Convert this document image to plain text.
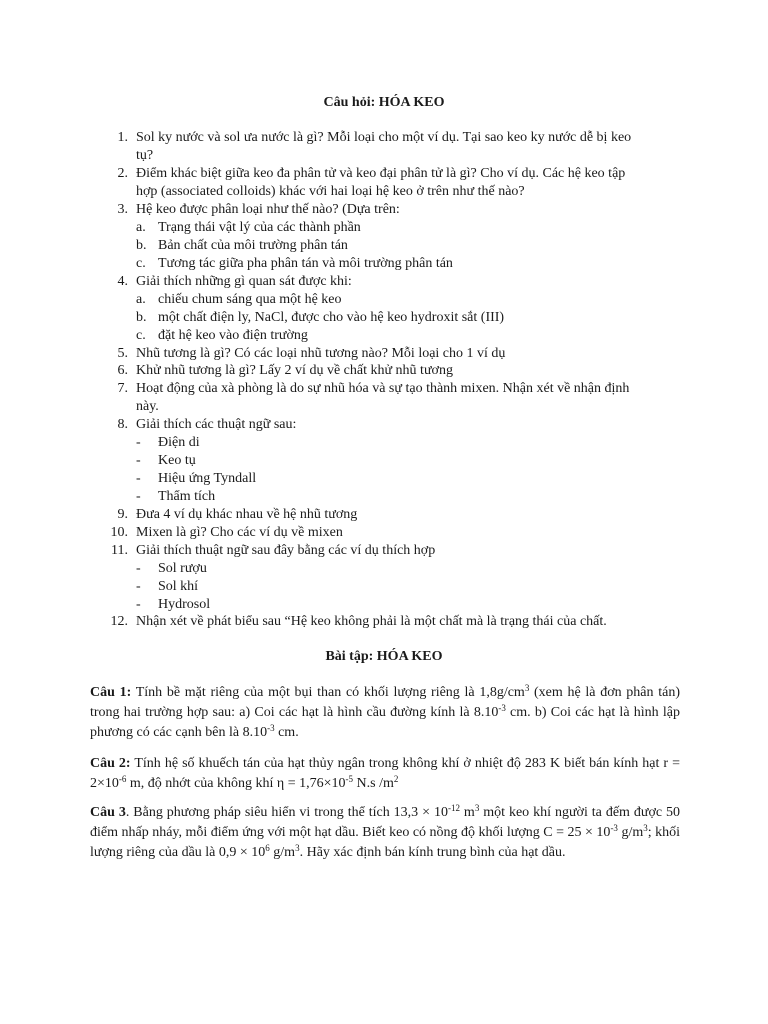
Câu hỏi: HÓA KEO
1. Sol ky nước và sol ưa nước là gì? Mỗi loại cho một ví dụ. Tại sao keo ky nước dễ bị keo
tụ?
2. Điểm khác biệt giữa keo đa phân tử và keo đại phân tử là gì? Cho ví dụ. Các hệ keo tập
hợp (associated colloids) khác với hai loại hệ keo ở trên như thế nào?
3. Hệ keo được phân loại như thế nào? (Dựa trên:
a. Trạng thái vật lý của các thành phần
b. Bản chất của môi trường phân tán
c. Tương tác giữa pha phân tán và môi trường phân tán
4. Giải thích những gì quan sát được khi:
a. chiếu chum sáng qua một hệ keo
b. một chất điện ly, NaCl, được cho vào hệ keo hydroxit sắt (III)
c. đặt hệ keo vào điện trường
5. Nhũ tương là gì? Có các loại nhũ tương nào? Mỗi loại cho 1 ví dụ
6. Khử nhũ tương là gì? Lấy 2 ví dụ về chất khử nhũ tương
7. Hoạt động của xà phòng là do sự nhũ hóa và sự tạo thành mixen. Nhận xét về nhận định
này.
8. Giải thích các thuật ngữ sau:
- Điện di
- Keo tụ
- Hiệu ứng Tyndall
- Thẩm tích
9. Đưa 4 ví dụ khác nhau về hệ nhũ tương
10. Mixen là gì? Cho các ví dụ về mixen
11. Giải thích thuật ngữ sau đây bằng các ví dụ thích hợp
- Sol rượu
- Sol khí
- Hydrosol
12. Nhận xét về phát biểu sau “Hệ keo không phải là một chất mà là trạng thái của chất.
Bài tập: HÓA KEO
Câu 1: Tính bề mặt riêng của một bụi than có khối lượng riêng là $1,8g/cm^3$ (xem hệ là đơn phân tán) trong hai trường hợp sau: a) Coi các hạt là hình cầu đường kính là $8.10^{-3}$ cm. b) Coi các hạt là hình lập phương có các cạnh bên là $8.10^{-3}$ cm.
Câu 2: Tính hệ số khuếch tán của hạt thủy ngân trong không khí ở nhiệt độ 283 K biết bán kính hạt $r = 2\times 10^{-6}$ m, độ nhớt của không khí $\eta = 1,76\times 10^{-5}$ N.s $/m^2$
Câu 3. Bằng phương pháp siêu hiển vi trong thể tích $13,3 \times 10^{-12}$ $m^3$ một keo khí người ta đếm được 50 điểm nhấp nháy, mỗi điểm ứng với một hạt dầu. Biết keo có nồng độ khối lượng $C = 25 \times 10^{-3}$ $g/m^3$; khối lượng riêng của dầu là $0,9 \times 10^6$ $g/m^3$. Hãy xác định bán kính trung bình của hạt dầu.
